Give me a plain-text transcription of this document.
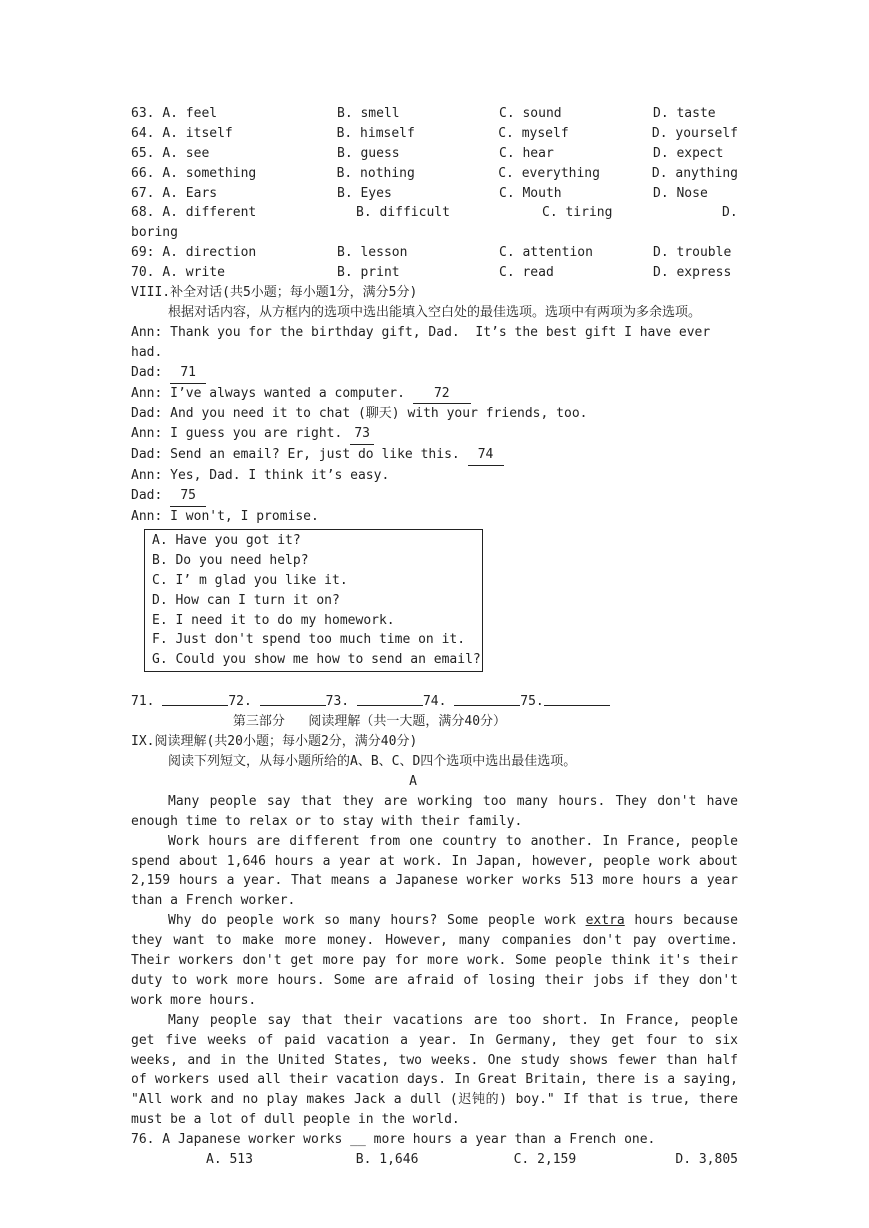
63. A. feel	B. smell	C. sound	D. taste
64. A. itself	B. himself	C. myself	D. yourself
65. A. see	B. guess	C. hear	D. expect
66. A. something	B. nothing	C. everything	D. anything
67. A. Ears	B. Eyes	C. Mouth	D. Nose
68. A. different	B. difficult	C. tiring	D.
boring
69: A. direction	B. lesson	C. attention	D. trouble
70. A. write	B. print	C. read	D. express
VIII.补全对话(共5小题；每小题1分，满分5分)
根据对话内容，从方框内的选项中选出能填入空白处的最佳选项。选项中有两项为多余选项。
Ann: Thank you for the birthday gift, Dad.  It’s the best gift I have ever had.
Dad: 71
Ann: I’ve always wanted a computer. 72
Dad: And you need it to chat (聊天) with your friends, too.
Ann: I guess you are right. 73
Dad: Send an email? Er, just do like this. 74
Ann: Yes, Dad. I think it’s easy.
Dad: 75
Ann: I won't, I promise.
A. Have you got it?
B. Do you need help?
C. I’ m glad you like it.
D. How can I turn it on?
E. I need it to do my homework.
F. Just don't spend too much time on it.
G. Could you show me how to send an email?
71.	72.	73.	74.	75.
第三部分   阅读理解（共一大题，满分40分）
IX.阅读理解(共20小题；每小题2分，满分40分)
阅读下列短文，从每小题所给的A、B、C、D四个选项中选出最佳选项。
A
Many people say that they are working too many hours. They don't have enough time to relax or to stay with their family.
Work hours are different from one country to another. In France, people spend about 1,646 hours a year at work. In Japan, however, people work about 2,159 hours a year. That means a Japanese worker works 513 more hours a year than a French worker.
Why do people work so many hours? Some people work extra hours because they want to make more money. However, many companies don't pay overtime. Their workers don't get more pay for more work. Some people think it's their duty to work more hours. Some are afraid of losing their jobs if they don't work more hours.
Many people say that their vacations are too short. In France, people get five weeks of paid vacation a year. In Germany, they get four to six weeks, and in the United States, two weeks. One study shows fewer than half of workers used all their vacation days. In Great Britain, there is a saying, "All work and no play makes Jack a dull (迟钝的) boy." If that is true, there must be a lot of dull people in the world.
76. A Japanese worker works __ more hours a year than a French one.
A. 513	B. 1,646	C. 2,159	D. 3,805
